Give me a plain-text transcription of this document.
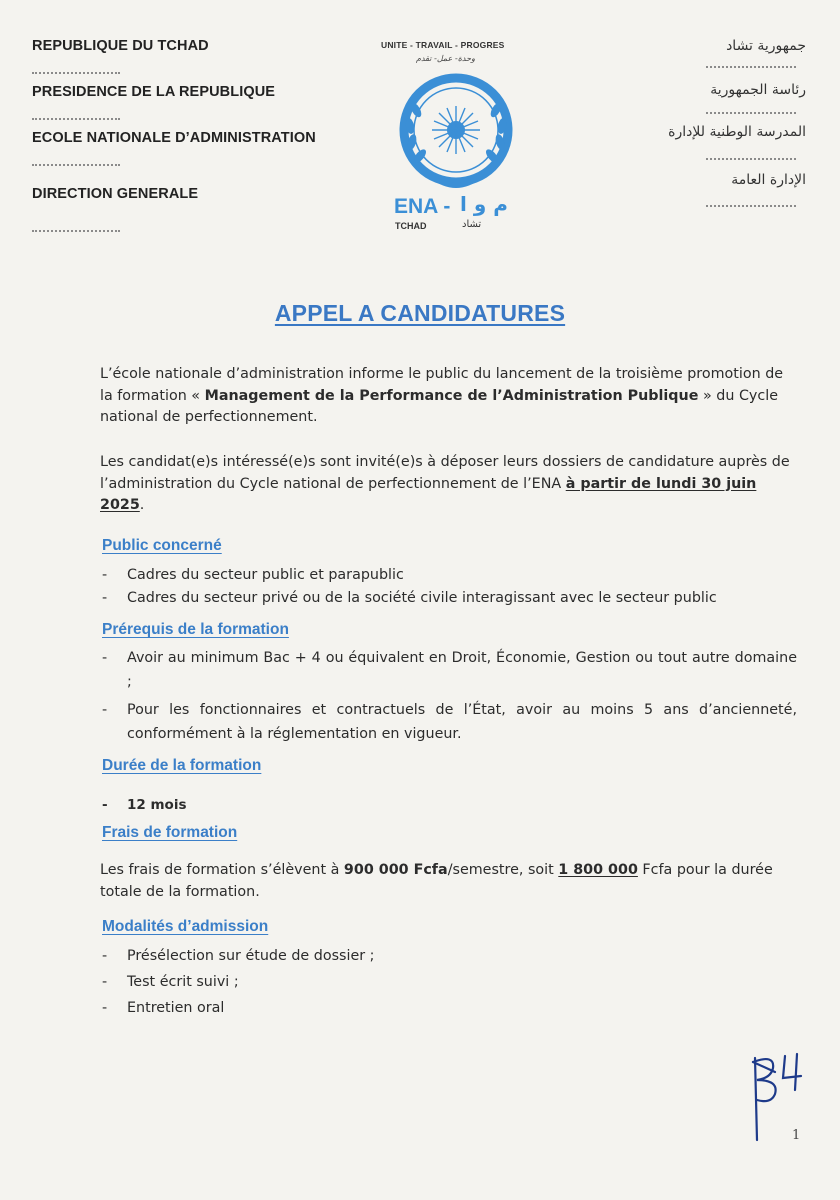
REPUBLIQUE DU TCHAD
PRESIDENCE DE LA REPUBLIQUE
ECOLE NATIONALE D’ADMINISTRATION
DIRECTION GENERALE
جمهورية تشاد
رئاسة الجمهورية
المدرسة الوطنية للإدارة
الإدارة العامة
UNITE - TRAVAIL - PROGRES
وحدة- عمل- تقدم
ENA - م و ا
TCHAD	تشاد
APPEL A CANDIDATURES
L’école nationale d’administration informe le public du lancement de la troisième promotion de la formation « Management de la Performance de l’Administration Publique » du Cycle national de perfectionnement.
Les candidat(e)s intéressé(e)s sont invité(e)s à déposer leurs dossiers de candidature auprès de l’administration du Cycle national de perfectionnement de l’ENA à partir de lundi 30 juin 2025.
Public concerné
- Cadres du secteur public et parapublic
- Cadres du secteur privé ou de la société civile interagissant avec le secteur public
Prérequis de la formation
- Avoir au minimum Bac + 4 ou équivalent en Droit, Économie, Gestion ou tout autre domaine ;
- Pour les fonctionnaires et contractuels de l’État, avoir au moins 5 ans d’ancienneté, conformément à la réglementation en vigueur.
Durée de la formation
- 12 mois
Frais de formation
Les frais de formation s’élèvent à 900 000 Fcfa/semestre, soit 1 800 000 Fcfa pour la durée totale de la formation.
Modalités d’admission
- Présélection sur étude de dossier ;
- Test écrit suivi ;
- Entretien oral
1
